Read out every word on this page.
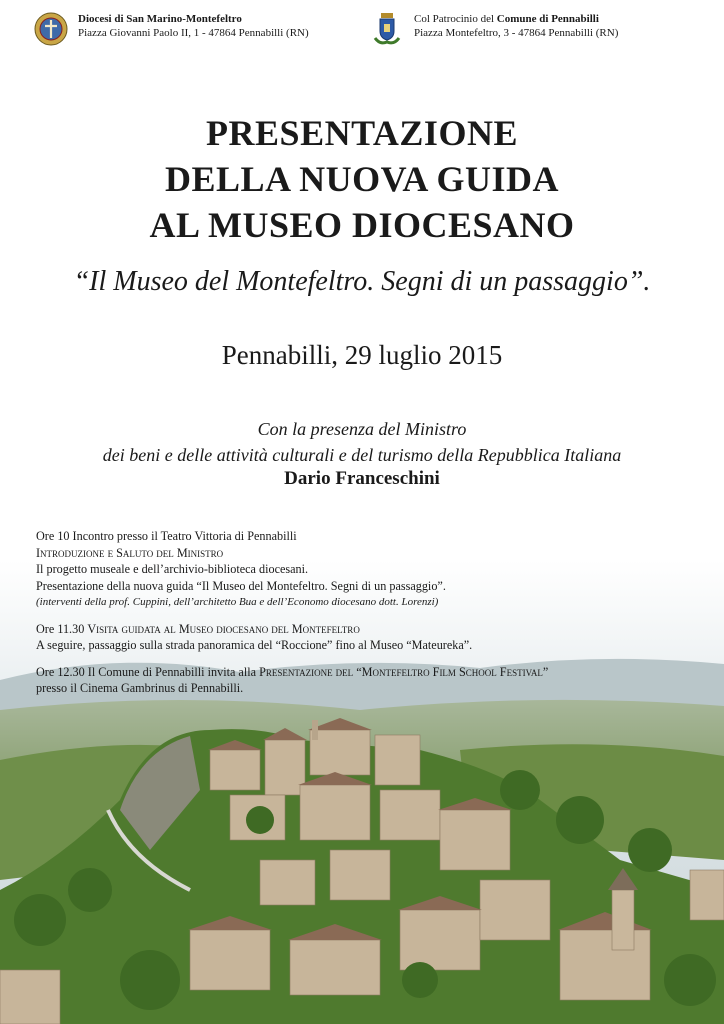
Diocesi di San Marino-Montefeltro
Piazza Giovanni Paolo II, 1 - 47864 Pennabilli (RN)
Col Patrocinio del Comune di Pennabilli
Piazza Montefeltro, 3 - 47864 Pennabilli (RN)
PRESENTAZIONE
DELLA NUOVA GUIDA
AL MUSEO DIOCESANO
“Il Museo del Montefeltro. Segni di un passaggio”.
Pennabilli, 29 luglio 2015
Con la presenza del Ministro
dei beni e delle attività culturali e del turismo della Repubblica Italiana
Dario Franceschini

Ore 10 Incontro presso il Teatro Vittoria di Pennabilli

Introduzione e Saluto del Ministro

Il progetto museale e dell’archivio-biblioteca diocesani.

Presentazione della nuova guida “Il Museo del Montefeltro. Segni di un passaggio”.

(interventi della prof. Cuppini, dell’architetto Bua e dell’Economo diocesano dott. Lorenzi)

Ore 11.30 Visita guidata al Museo diocesano del Montefeltro

A seguire, passaggio sulla strada panoramica del “Roccione” fino al Museo “Mateureka”.

Ore 12.30 Il Comune di Pennabilli invita alla Presentazione del “Montefeltro Film School Festival”

presso il Cinema Gambrinus di Pennabilli.
